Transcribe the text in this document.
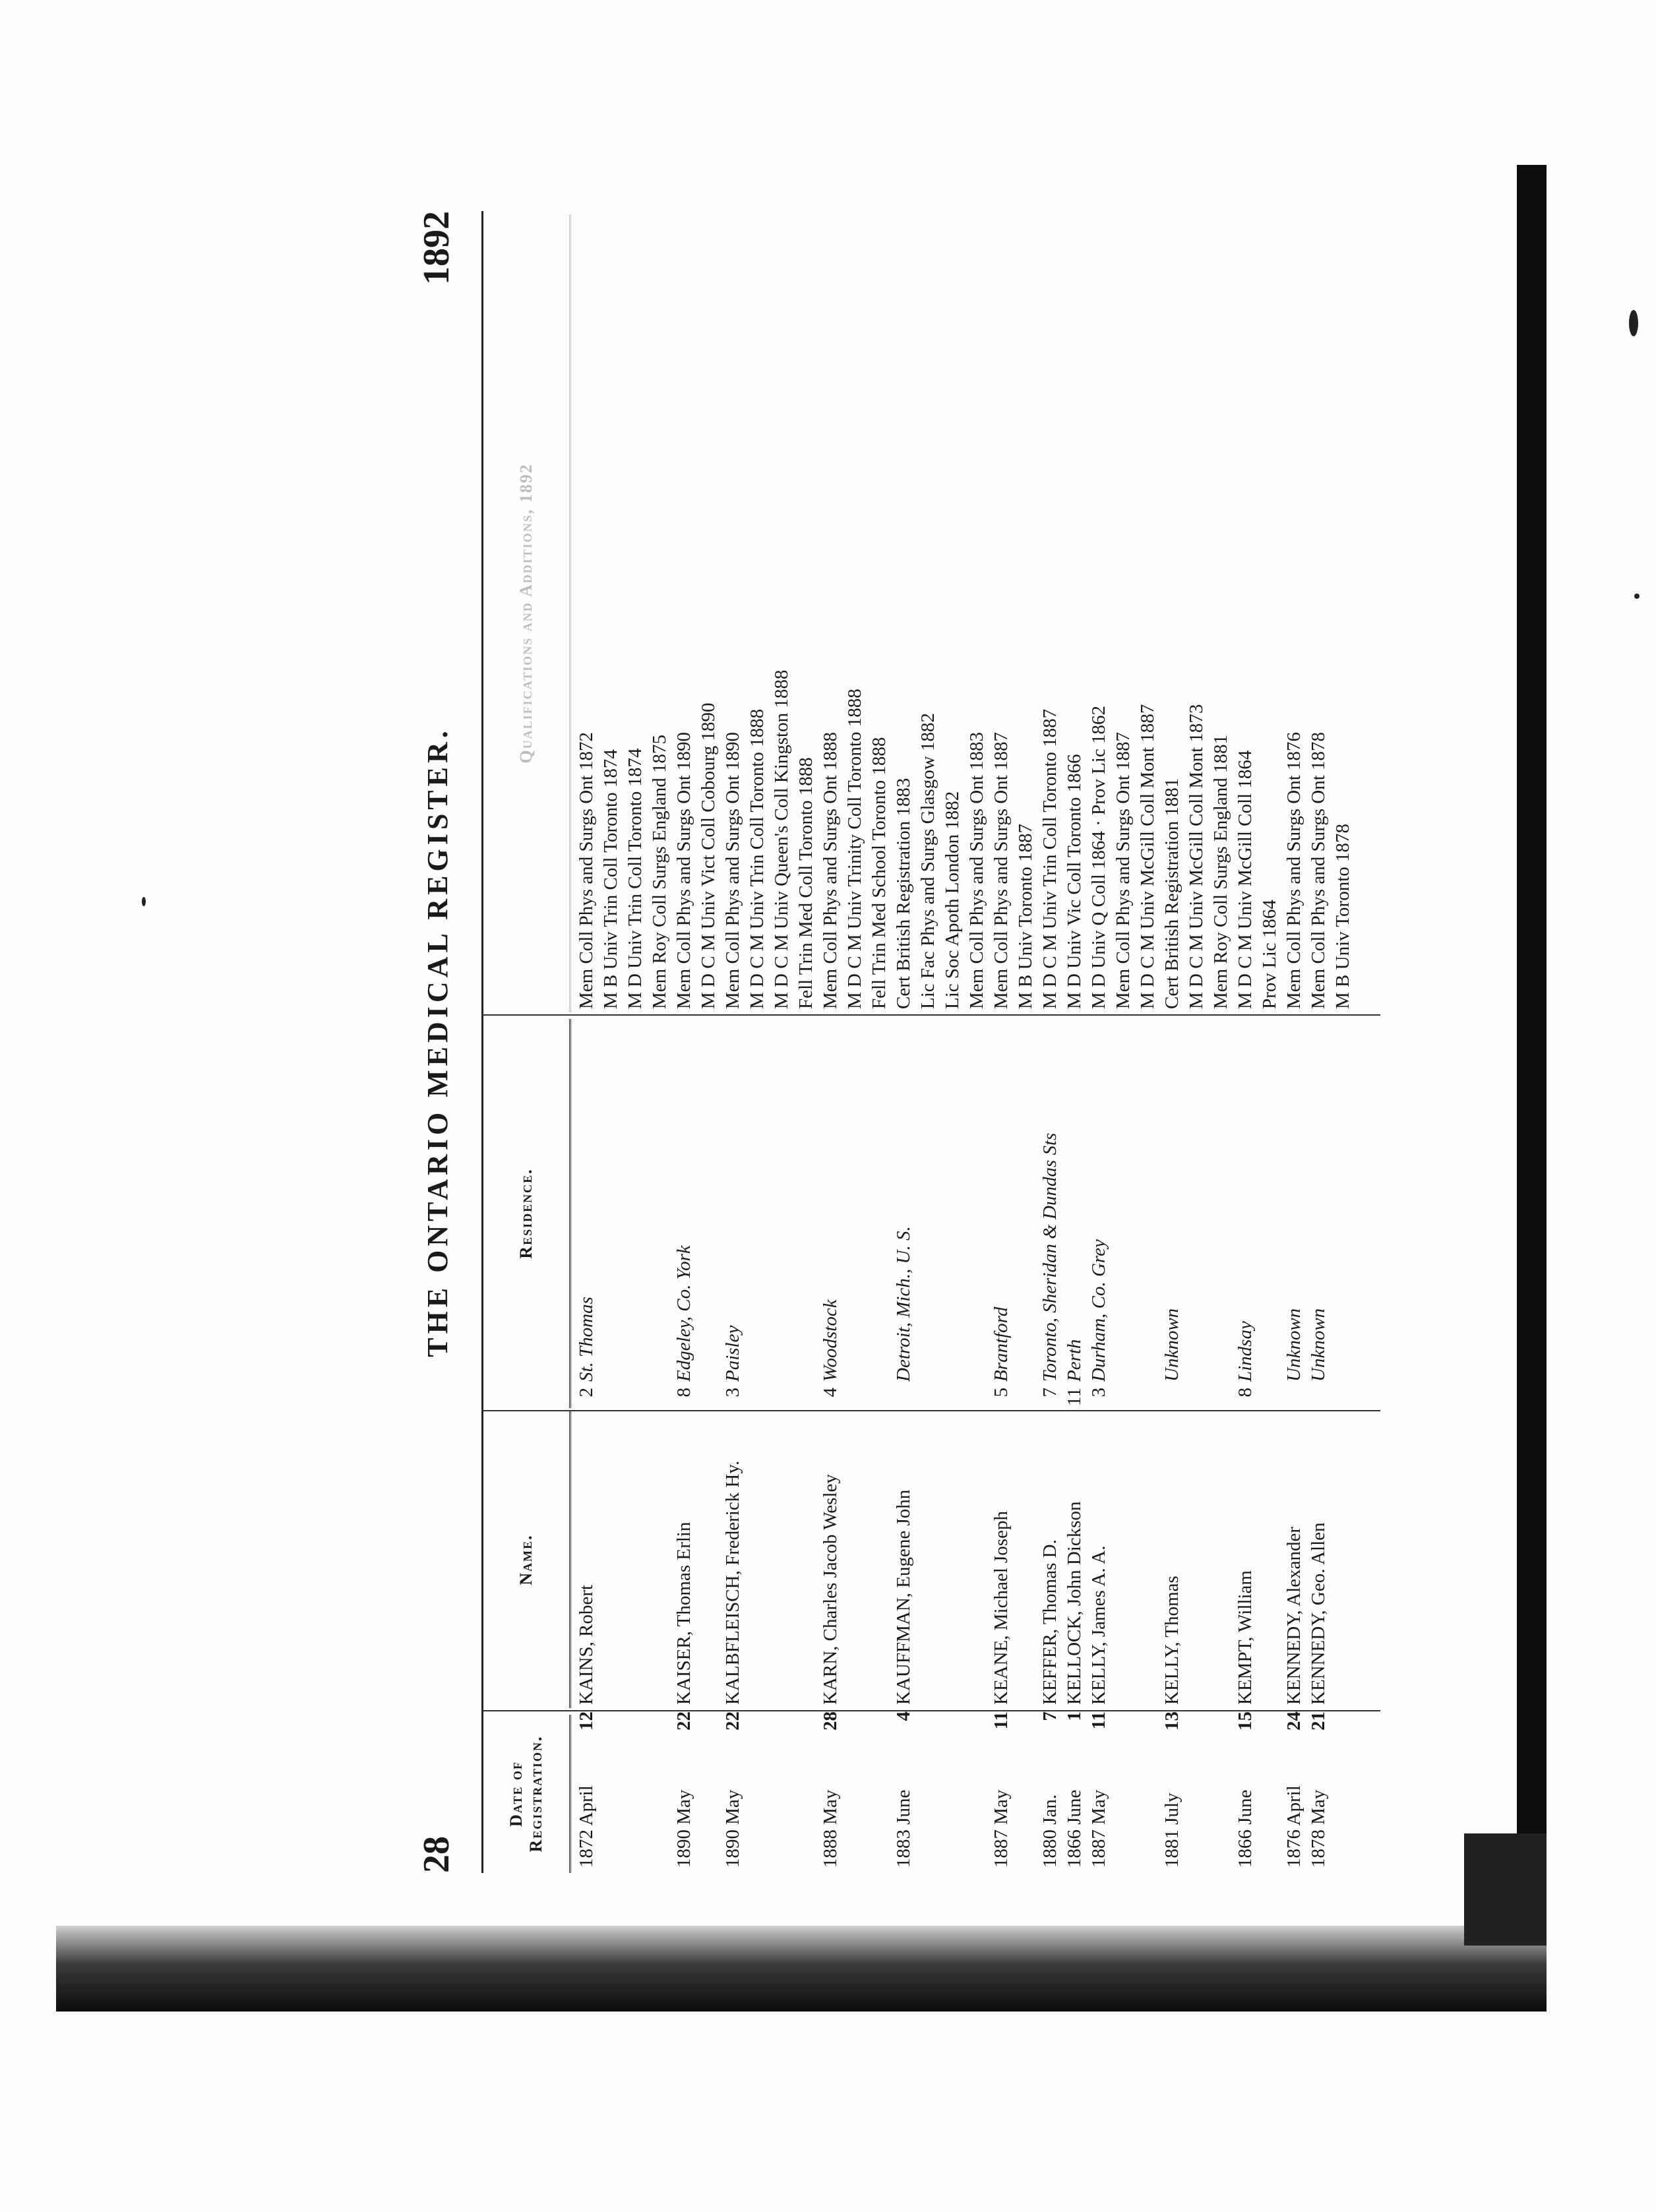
28
THE ONTARIO MEDICAL REGISTER.
1892
Date of Registration.
Name.
Residence.
Qualifications and Additions, 1892
1872 April
12
KAINS, Robert
2
St. Thomas
Mem Coll Phys and Surgs Ont 1872 M B Univ Trin Coll Toronto 1874 M D Univ Trin Coll Toronto 1874 Mem Roy Coll Surgs England 1875
1890 May
22
KAISER, Thomas Erlin
8
Edgeley, Co. York
Mem Coll Phys and Surgs Ont 1890 M D C M Univ Vict Coll Cobourg 1890
1890 May
22
KALBFLEISCH, Frederick Hy.
3
Paisley
Mem Coll Phys and Surgs Ont 1890 M D C M Univ Trin Coll Toronto 1888 M D C M Univ Queen's Coll Kingston 1888 Fell Trin Med Coll Toronto 1888
1888 May
28
KARN, Charles Jacob Wesley
4
Woodstock
Mem Coll Phys and Surgs Ont 1888 M D C M Univ Trinity Coll Toronto 1888 Fell Trin Med School Toronto 1888
1883 June
4
KAUFFMAN, Eugene John
Detroit, Mich., U. S.
Cert British Registration 1883 Lic Fac Phys and Surgs Glasgow 1882 Lic Soc Apoth London 1882 Mem Coll Phys and Surgs Ont 1883
1887 May
11
KEANE, Michael Joseph
5
Brantford
Mem Coll Phys and Surgs Ont 1887 M B Univ Toronto 1887
1880 Jan.
7
KEFFER, Thomas D.
7
Toronto, Sheridan & Dundas Sts
M D C M Univ Trin Coll Toronto 1887
1866 June
1
KELLOCK, John Dickson
11
Perth
M D Univ Vic Coll Toronto 1866
1887 May
11
KELLY, James A. A.
3
Durham, Co. Grey
M D Univ Q Coll 1864 · Prov Lic 1862 Mem Coll Phys and Surgs Ont 1887 M D C M Univ McGill Coll Mont 1887
1881 July
13
KELLY, Thomas
Unknown
Cert British Registration 1881 M D C M Univ McGill Coll Mont 1873 Mem Roy Coll Surgs England 1881
1866 June
15
KEMPT, William
8
Lindsay
M D C M Univ McGill Coll 1864 Prov Lic 1864
1876 April
24
KENNEDY, Alexander
Unknown
Mem Coll Phys and Surgs Ont 1876
1878 May
21
KENNEDY, Geo. Allen
Unknown
Mem Coll Phys and Surgs Ont 1878 M B Univ Toronto 1878
